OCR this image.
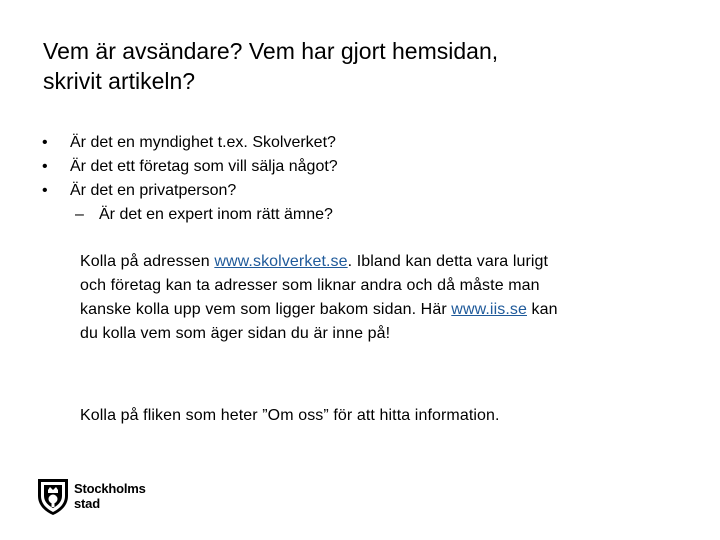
Vem är avsändare? Vem har gjort hemsidan,
skrivit artikeln?
• Är det en myndighet t.ex. Skolverket?
• Är det ett företag som vill sälja något?
• Är det en privatperson?
– Är det en expert inom rätt ämne?

Kolla på adressen www.skolverket.se. Ibland kan detta vara lurigt
och företag kan ta adresser som liknar andra och då måste man
kanske kolla upp vem som ligger bakom sidan. Här www.iis.se kan
du kolla vem som äger sidan du är inne på!

Kolla på fliken som heter ”Om oss” för att hitta information.

Stockholms
stad
